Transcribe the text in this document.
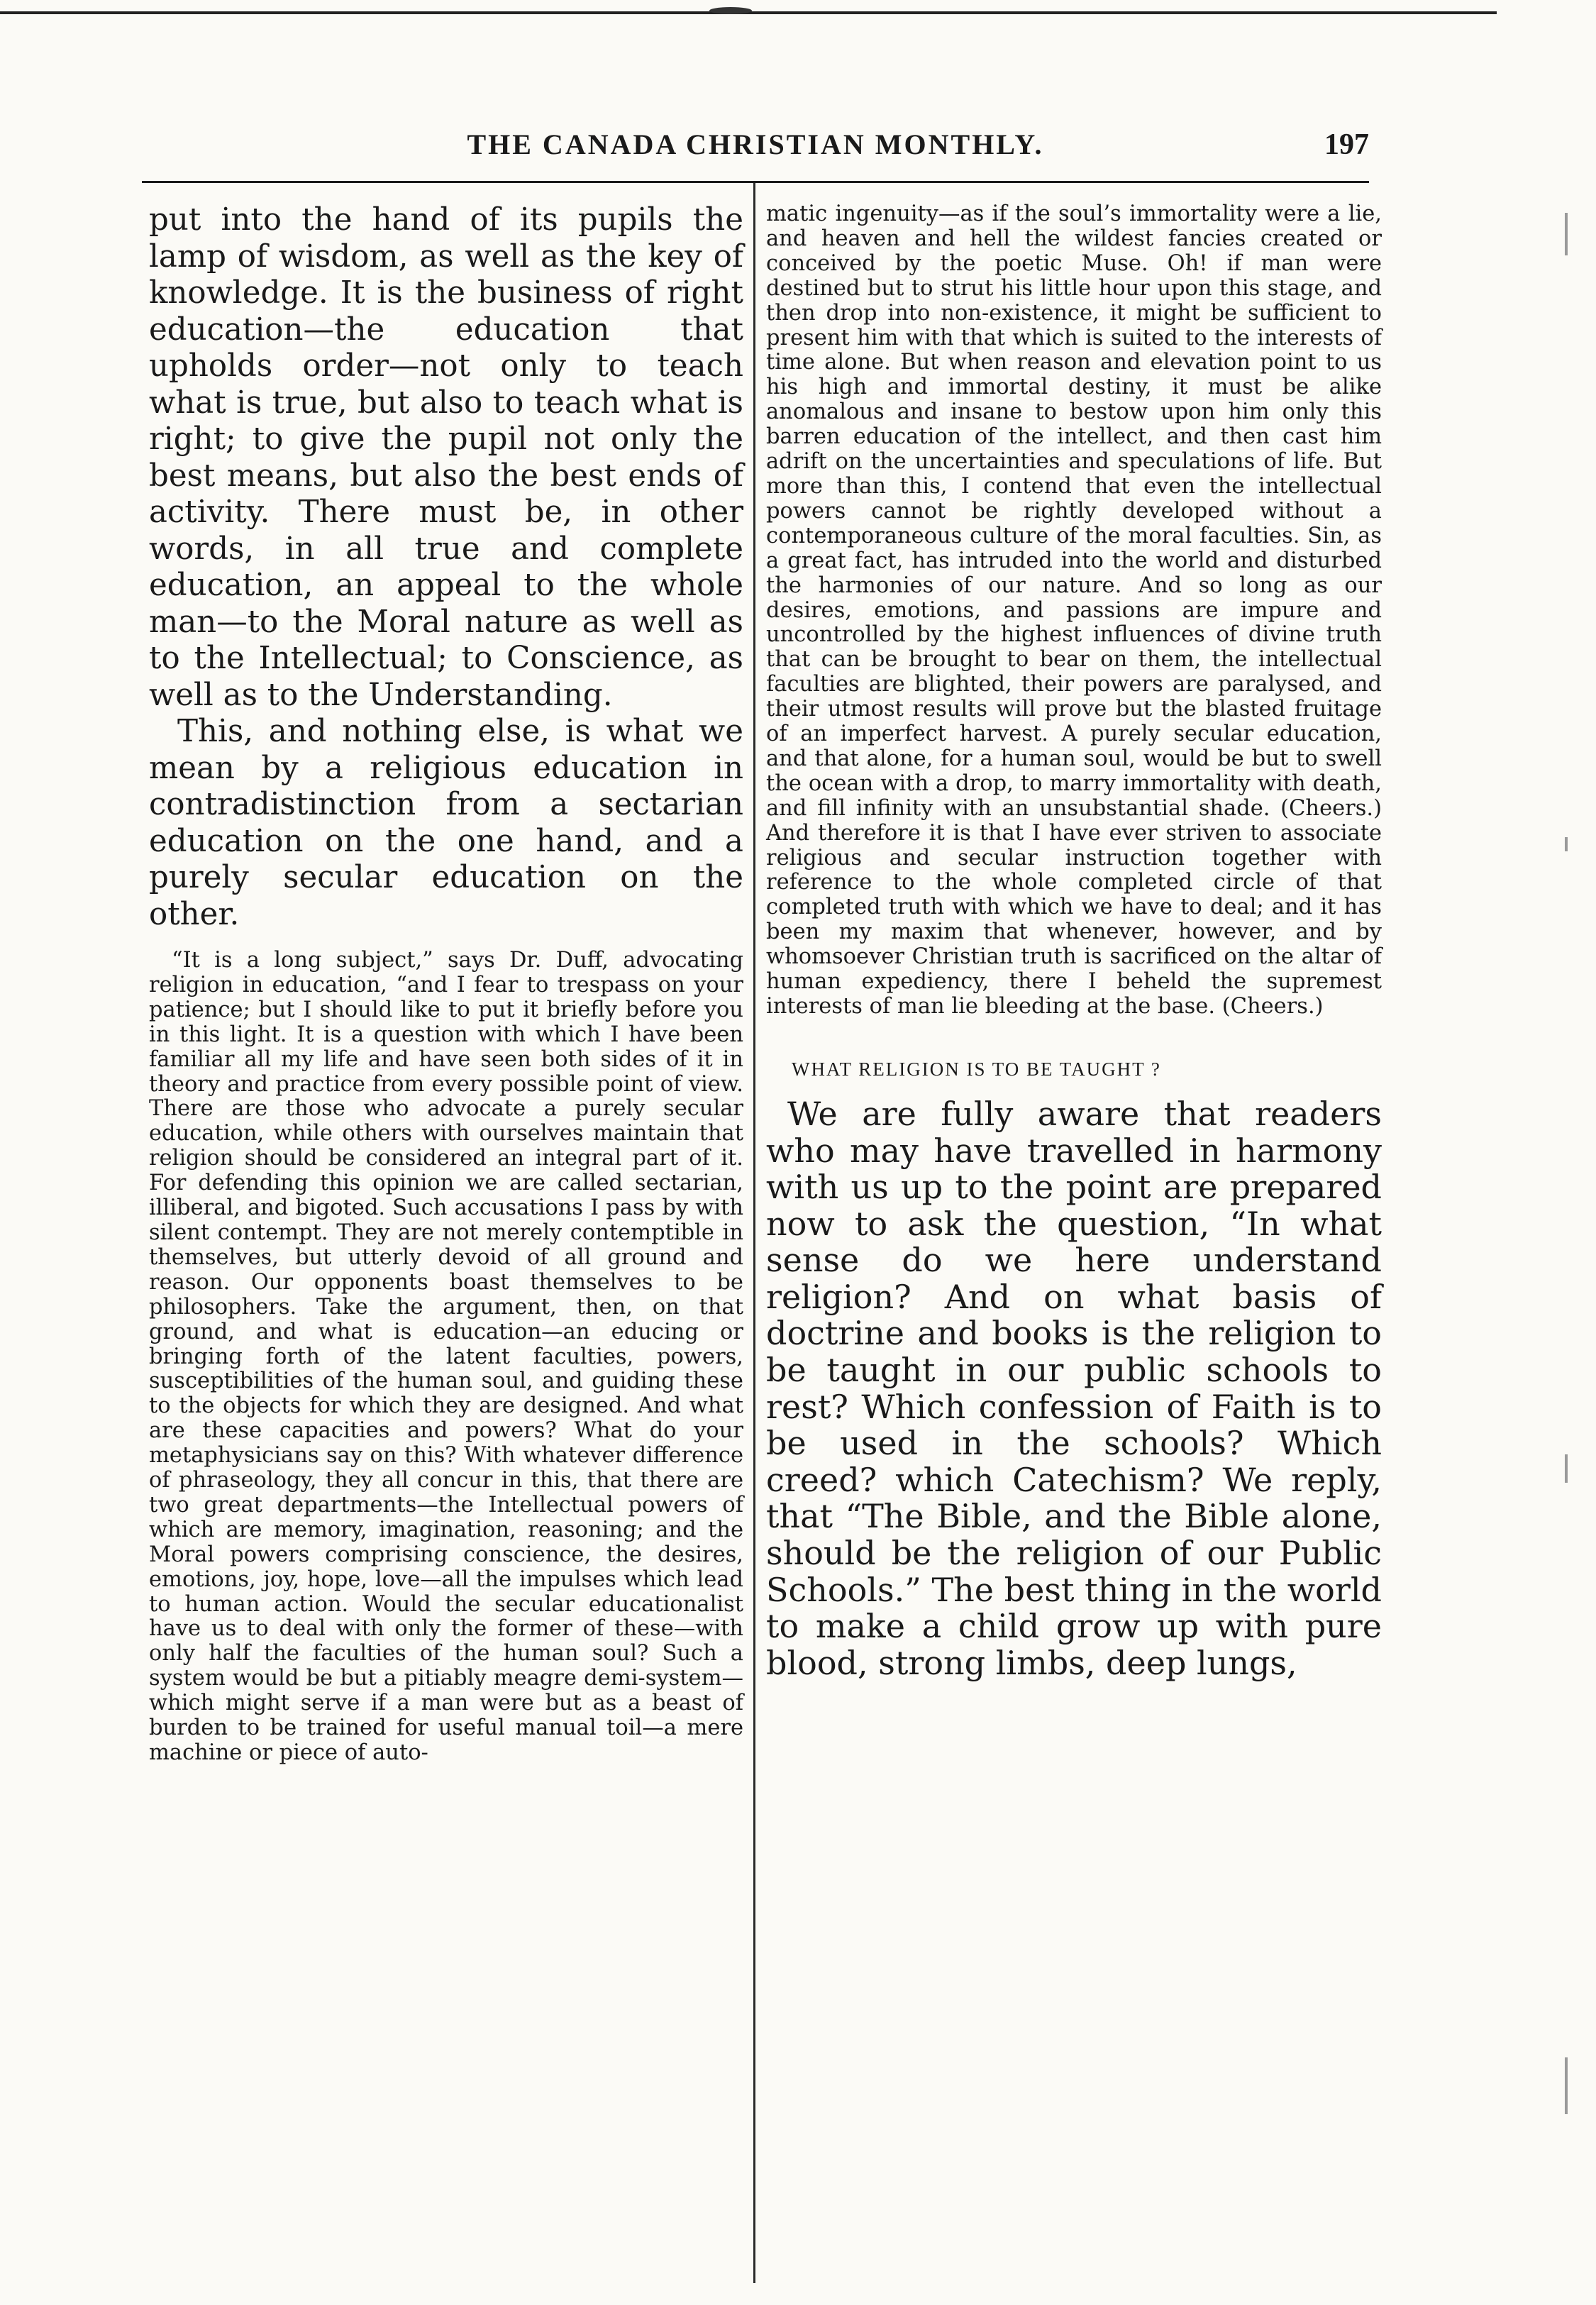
THE CANADA CHRISTIAN MONTHLY.	197

put into the hand of its pupils the lamp of wisdom, as well as the key of knowledge. It is the business of right education—the education that upholds order—not only to teach what is true, but also to teach what is right; to give the pupil not only the best means, but also the best ends of activity. There must be, in other words, in all true and complete education, an appeal to the whole man—to the Moral nature as well as to the Intellectual; to Conscience, as well as to the Understanding.

This, and nothing else, is what we mean by a religious education in contradistinction from a sectarian education on the one hand, and a purely secular education on the other.

“It is a long subject,” says Dr. Duff, advocating religion in education, “and I fear to trespass on your patience; but I should like to put it briefly before you in this light. It is a question with which I have been familiar all my life and have seen both sides of it in theory and practice from every possible point of view. There are those who advocate a purely secular education, while others with ourselves maintain that religion should be considered an integral part of it. For defending this opinion we are called sectarian, illiberal, and bigoted. Such accusations I pass by with silent contempt. They are not merely contemptible in themselves, but utterly devoid of all ground and reason. Our opponents boast themselves to be philosophers. Take the argument, then, on that ground, and what is education—an educing or bringing forth of the latent faculties, powers, susceptibilities of the human soul, and guiding these to the objects for which they are designed. And what are these capacities and powers? What do your metaphysicians say on this? With whatever difference of phraseology, they all concur in this, that there are two great departments—the Intellectual powers of which are memory, imagination, reasoning; and the Moral powers comprising conscience, the desires, emotions, joy, hope, love—all the impulses which lead to human action. Would the secular educationalist have us to deal with only the former of these—with only half the faculties of the human soul? Such a system would be but a pitiably meagre demi-system—which might serve if a man were but as a beast of burden to be trained for useful manual toil—a mere machine or piece of auto-

matic ingenuity—as if the soul’s immortality were a lie, and heaven and hell the wildest fancies created or conceived by the poetic Muse. Oh! if man were destined but to strut his little hour upon this stage, and then drop into non-existence, it might be sufficient to present him with that which is suited to the interests of time alone. But when reason and elevation point to us his high and immortal destiny, it must be alike anomalous and insane to bestow upon him only this barren education of the intellect, and then cast him adrift on the uncertainties and speculations of life. But more than this, I contend that even the intellectual powers cannot be rightly developed without a contemporaneous culture of the moral faculties. Sin, as a great fact, has intruded into the world and disturbed the harmonies of our nature. And so long as our desires, emotions, and passions are impure and uncontrolled by the highest influences of divine truth that can be brought to bear on them, the intellectual faculties are blighted, their powers are paralysed, and their utmost results will prove but the blasted fruitage of an imperfect harvest. A purely secular education, and that alone, for a human soul, would be but to swell the ocean with a drop, to marry immortality with death, and fill infinity with an unsubstantial shade. (Cheers.) And therefore it is that I have ever striven to associate religious and secular instruction together with reference to the whole completed circle of that completed truth with which we have to deal; and it has been my maxim that whenever, however, and by whomsoever Christian truth is sacrificed on the altar of human expediency, there I beheld the supremest interests of man lie bleeding at the base. (Cheers.)

WHAT RELIGION IS TO BE TAUGHT ?

We are fully aware that readers who may have travelled in harmony with us up to the point are prepared now to ask the question, “In what sense do we here understand religion? And on what basis of doctrine and books is the religion to be taught in our public schools to rest? Which confession of Faith is to be used in the schools? Which creed? which Catechism? We reply, that “The Bible, and the Bible alone, should be the religion of our Public Schools.” The best thing in the world to make a child grow up with pure blood, strong limbs, deep lungs,
